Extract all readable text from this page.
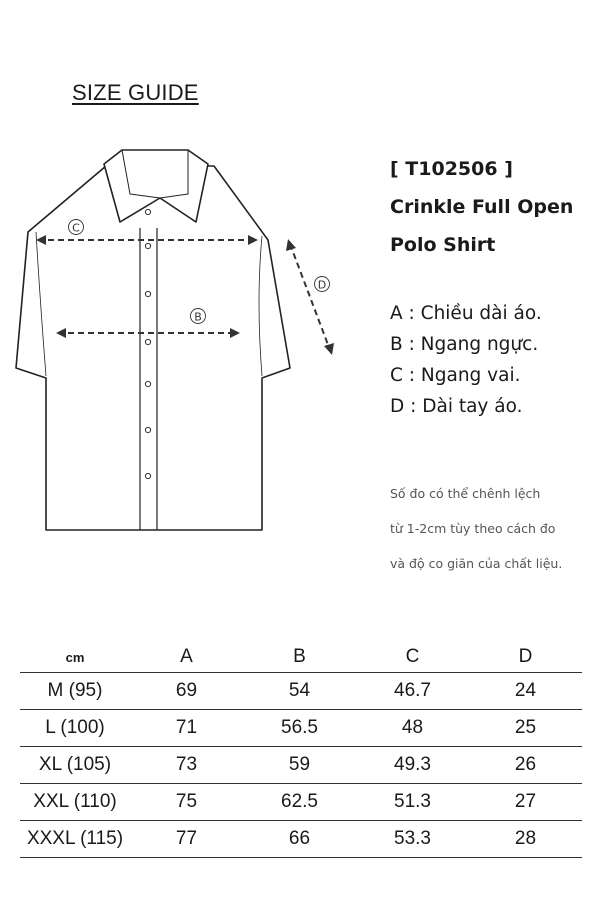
SIZE GUIDE
C
B
D
[ T102506 ]
Crinkle Full Open
Polo Shirt
A : Chiều dài áo.
B : Ngang ngực.
C : Ngang vai.
D : Dài tay áo.
Số đo có thể chênh lệch
từ 1-2cm tùy theo cách đo
và độ co giãn của chất liệu.
cm	A	B	C	D
M (95)	69	54	46.7	24
L (100)	71	56.5	48	25
XL (105)	73	59	49.3	26
XXL (110)	75	62.5	51.3	27
XXXL (115)	77	66	53.3	28
